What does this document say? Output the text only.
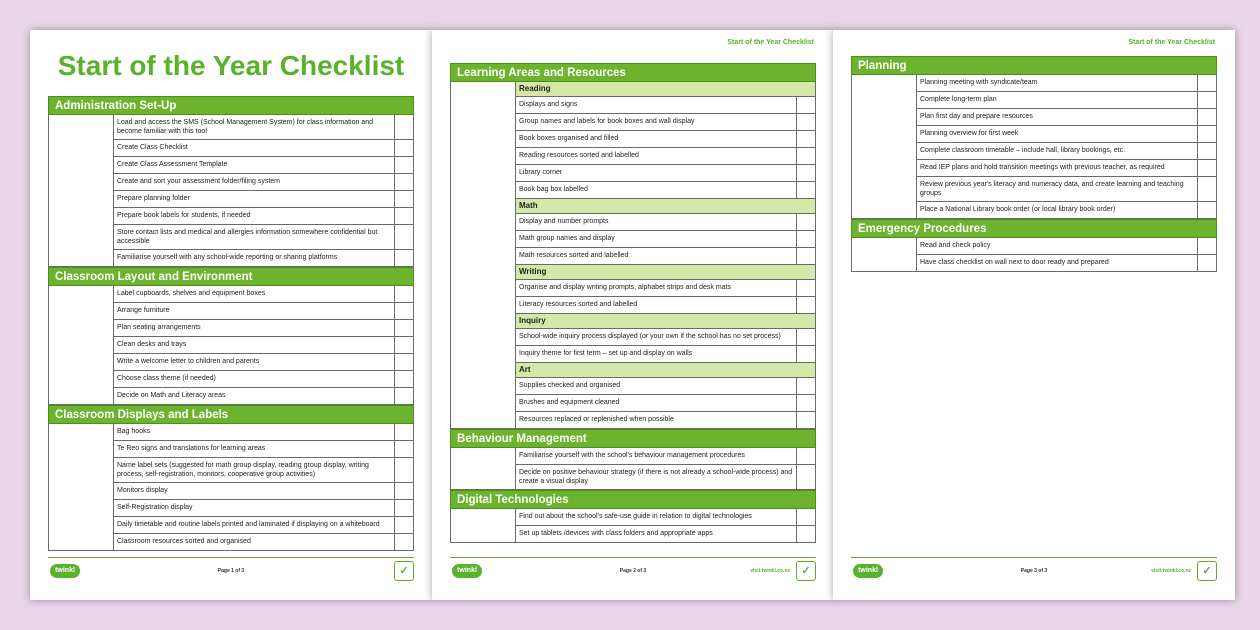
Start of the Year Checklist
Administration Set-Up
Load and access the SMS (School Management System) for class information and become familiar with this tool
Create Class Checklist
Create Class Assessment Template
Create and sort your assessment folder/filing system
Prepare planning folder
Prepare book labels for students, if needed
Store contact lists and medical and allergies information somewhere confidential but accessible
Familiarise yourself with any school-wide reporting or sharing platforms
Classroom Layout and Environment
Label cupboards, shelves and equipment boxes
Arrange furniture
Plan seating arrangements
Clean desks and trays
Write a welcome letter to children and parents
Choose class theme (if needed)
Decide on Math and Literacy areas
Classroom Displays and Labels
Bag hooks
Te Reo signs and translations for learning areas
Name label sets (suggested for math group display, reading group display, writing process, self-registration, monitors, cooperative group activities)
Monitors display
Self-Registration display
Daily timetable and routine labels printed and laminated if displaying on a whiteboard
Classroom resources sorted and organised
twinkl	Page 1 of 3	✓
Start of the Year Checklist
Learning Areas and Resources
Reading
Displays and signs
Group names and labels for book boxes and wall display
Book boxes organised and filled
Reading resources sorted and labelled
Library corner
Book bag box labelled
Math
Display and number prompts
Math group names and display
Math resources sorted and labelled
Writing
Organise and display writing prompts, alphabet strips and desk mats
Literacy resources sorted and labelled
Inquiry
School-wide inquiry process displayed (or your own if the school has no set process)
Inquiry theme for first term – set up and display on walls
Art
Supplies checked and organised
Brushes and equipment cleaned
Resources replaced or replenished when possible
Behaviour Management
Familiarise yourself with the school's behaviour management procedures
Decide on positive behaviour strategy (if there is not already a school-wide process) and create a visual display
Digital Technologies
Find out about the school's safe-use guide in relation to digital technologies
Set up tablets /devices with class folders and appropriate apps
twinkl	Page 2 of 3	visit twinkl.co.nz	✓
Start of the Year Checklist
Planning
Planning meeting with syndicate/team
Complete long-term plan
Plan first day and prepare resources
Planning overview for first week
Complete classroom timetable – include hall, library bookings, etc.
Read IEP plans and hold transition meetings with previous teacher, as required
Review previous year's literacy and numeracy data, and create learning and teaching groups
Place a National Library book order (or local library book order)
Emergency Procedures
Read and check policy
Have class checklist on wall next to door ready and prepared
twinkl	Page 3 of 3	visit twinkl.co.nz	✓
